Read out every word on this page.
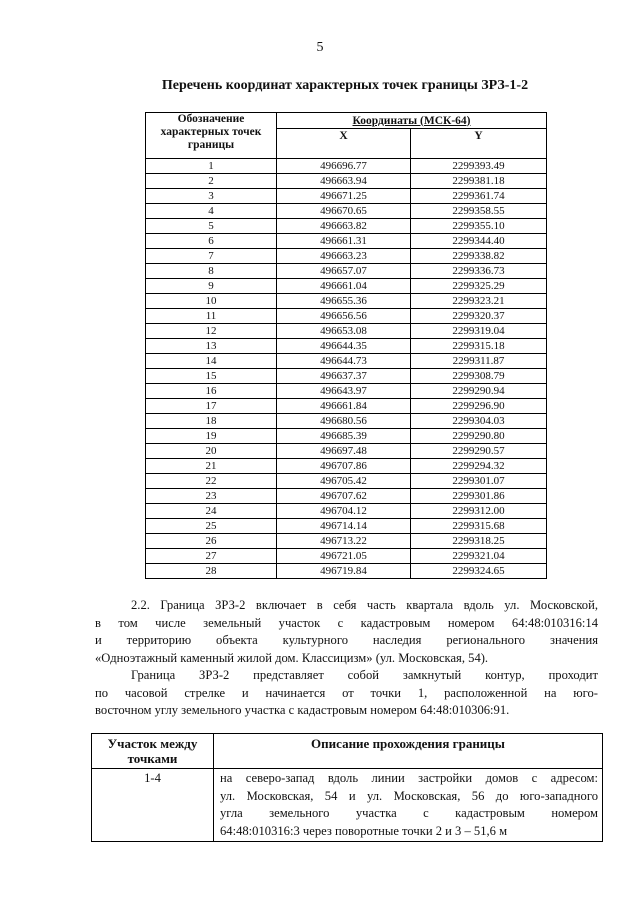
5
Перечень координат характерных точек границы ЗРЗ-1-2
Обозначение
характерных точек
границы	Координаты (МСК-64)	
	X	Y
1	496696.77	2299393.49
2	496663.94	2299381.18
3	496671.25	2299361.74
4	496670.65	2299358.55
5	496663.82	2299355.10
6	496661.31	2299344.40
7	496663.23	2299338.82
8	496657.07	2299336.73
9	496661.04	2299325.29
10	496655.36	2299323.21
11	496656.56	2299320.37
12	496653.08	2299319.04
13	496644.35	2299315.18
14	496644.73	2299311.87
15	496637.37	2299308.79
16	496643.97	2299290.94
17	496661.84	2299296.90
18	496680.56	2299304.03
19	496685.39	2299290.80
20	496697.48	2299290.57
21	496707.86	2299294.32
22	496705.42	2299301.07
23	496707.62	2299301.86
24	496704.12	2299312.00
25	496714.14	2299315.68
26	496713.22	2299318.25
27	496721.05	2299321.04
28	496719.84	2299324.65
2.2. Граница ЗРЗ-2 включает в себя часть квартала вдоль ул. Московской,
в том числе земельный участок с кадастровым номером 64:48:010316:14
и территорию объекта культурного наследия регионального значения
«Одноэтажный каменный жилой дом. Классицизм» (ул. Московская, 54).
Граница ЗРЗ-2 представляет собой замкнутый контур, проходит
по часовой стрелке и начинается от точки 1, расположенной на юго-
восточном углу земельного участка с кадастровым номером 64:48:010306:91.
Участок между
точками	Описание прохождения границы
1-4	на северо-запад вдоль линии застройки домов с адресом:
ул. Московская, 54 и ул. Московская, 56 до юго-западного
угла земельного участка с кадастровым номером
64:48:010316:3 через поворотные точки 2 и 3 – 51,6 м
